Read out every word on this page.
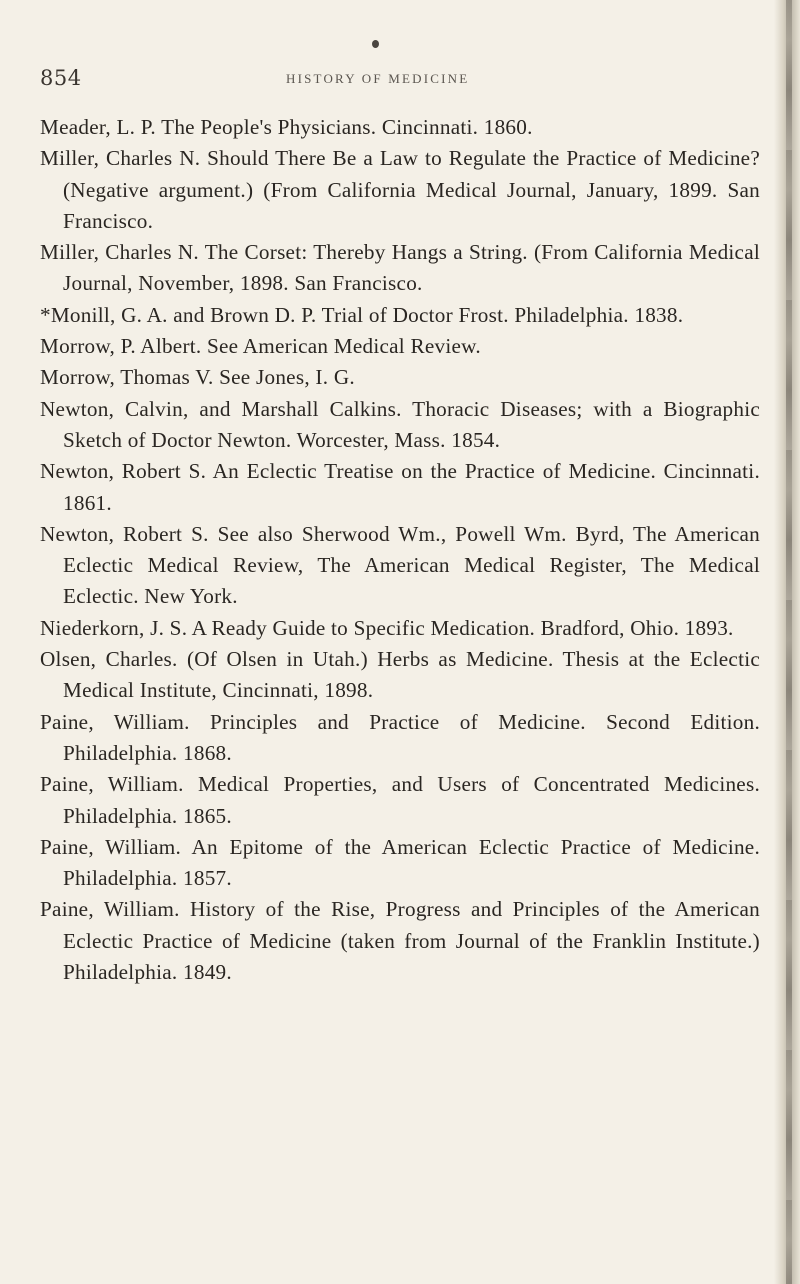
854	HISTORY OF MEDICINE

Meader, L. P. The People's Physicians. Cincinnati. 1860.

Miller, Charles N. Should There Be a Law to Regulate the Practice of Medicine? (Negative argument.) (From California Medical Journal, January, 1899. San Francisco.

Miller, Charles N. The Corset: Thereby Hangs a String. (From California Medical Journal, November, 1898. San Francisco.

*Monill, G. A. and Brown D. P. Trial of Doctor Frost. Philadelphia. 1838.

Morrow, P. Albert. See American Medical Review.

Morrow, Thomas V. See Jones, I. G.

Newton, Calvin, and Marshall Calkins. Thoracic Diseases; with a Biographic Sketch of Doctor Newton. Worcester, Mass. 1854.

Newton, Robert S. An Eclectic Treatise on the Practice of Medicine. Cincinnati. 1861.

Newton, Robert S. See also Sherwood Wm., Powell Wm. Byrd, The American Eclectic Medical Review, The American Medical Register, The Medical Eclectic. New York.

Niederkorn, J. S. A Ready Guide to Specific Medication. Bradford, Ohio. 1893.

Olsen, Charles. (Of Olsen in Utah.) Herbs as Medicine. Thesis at the Eclectic Medical Institute, Cincinnati, 1898.

Paine, William. Principles and Practice of Medicine. Second Edition. Philadelphia. 1868.

Paine, William. Medical Properties, and Users of Concentrated Medicines. Philadelphia. 1865.

Paine, William. An Epitome of the American Eclectic Practice of Medicine. Philadelphia. 1857.

Paine, William. History of the Rise, Progress and Principles of the American Eclectic Practice of Medicine (taken from Journal of the Franklin Institute.) Philadelphia. 1849.
